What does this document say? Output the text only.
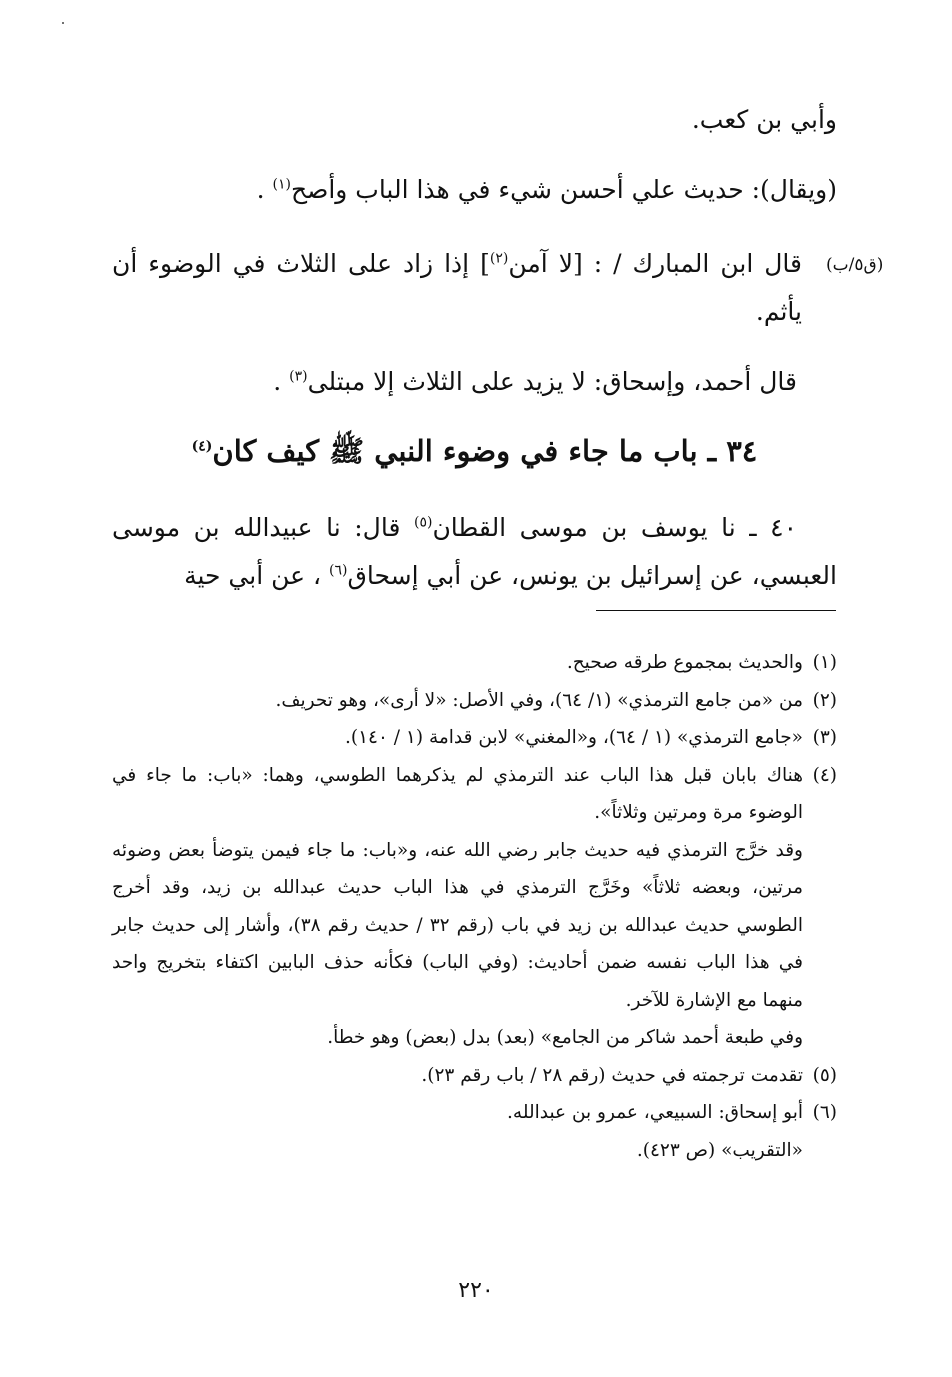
وأبي بن كعب.
(ويقال): حديث علي أحسن شيء في هذا الباب وأصح$^{(١)}$ .
(ق٥/ب)
قال ابن المبارك / : [لا آمن$^{(٢)}$] إذا زاد على الثلاث في الوضوء أن يأثم.
قال أحمد، وإسحاق: لا يزيد على الثلاث إلا مبتلى$^{(٣)}$ .
٣٤ ـ باب ما جاء في وضوء النبي ﷺ كيف كان$^{(٤)}$
٤٠ ـ نا يوسف بن موسى القطان$^{(٥)}$ قال: نا عبيدالله بن موسى العبسي، عن إسرائيل بن يونس، عن أبي إسحاق$^{(٦)}$ ، عن أبي حية
(١)
والحديث بمجموع طرقه صحيح.
(٢)
من «من جامع الترمذي» (١/ ٦٤)، وفي الأصل: «لا أرى»، وهو تحريف.
(٣)
«جامع الترمذي» (١ / ٦٤)، و«المغني» لابن قدامة (١ / ١٤٠).
(٤)
هناك بابان قبل هذا الباب عند الترمذي لم يذكرهما الطوسي، وهما: «باب: ما جاء في الوضوء مرة ومرتين وثلاثاً».
وقد خرَّج الترمذي فيه حديث جابر رضي الله عنه، و«باب: ما جاء فيمن يتوضأ بعض وضوئه مرتين، وبعضه ثلاثاً» وخَرَّج الترمذي في هذا الباب حديث عبدالله بن زيد، وقد أخرج الطوسي حديث عبدالله بن زيد في باب (رقم ٣٢ / حديث رقم ٣٨)، وأشار إلى حديث جابر في هذا الباب نفسه ضمن أحاديث: (وفي الباب) فكأنه حذف البابين اكتفاء بتخريج واحد منهما مع الإشارة للآخر.
وفي طبعة أحمد شاكر من الجامع» (بعد) بدل (بعض) وهو خطأ.
(٥)
تقدمت ترجمته في حديث (رقم ٢٨ / باب رقم ٢٣).
(٦)
أبو إسحاق: السبيعي، عمرو بن عبدالله.
«التقريب» (ص ٤٢٣).
٢٢٠
